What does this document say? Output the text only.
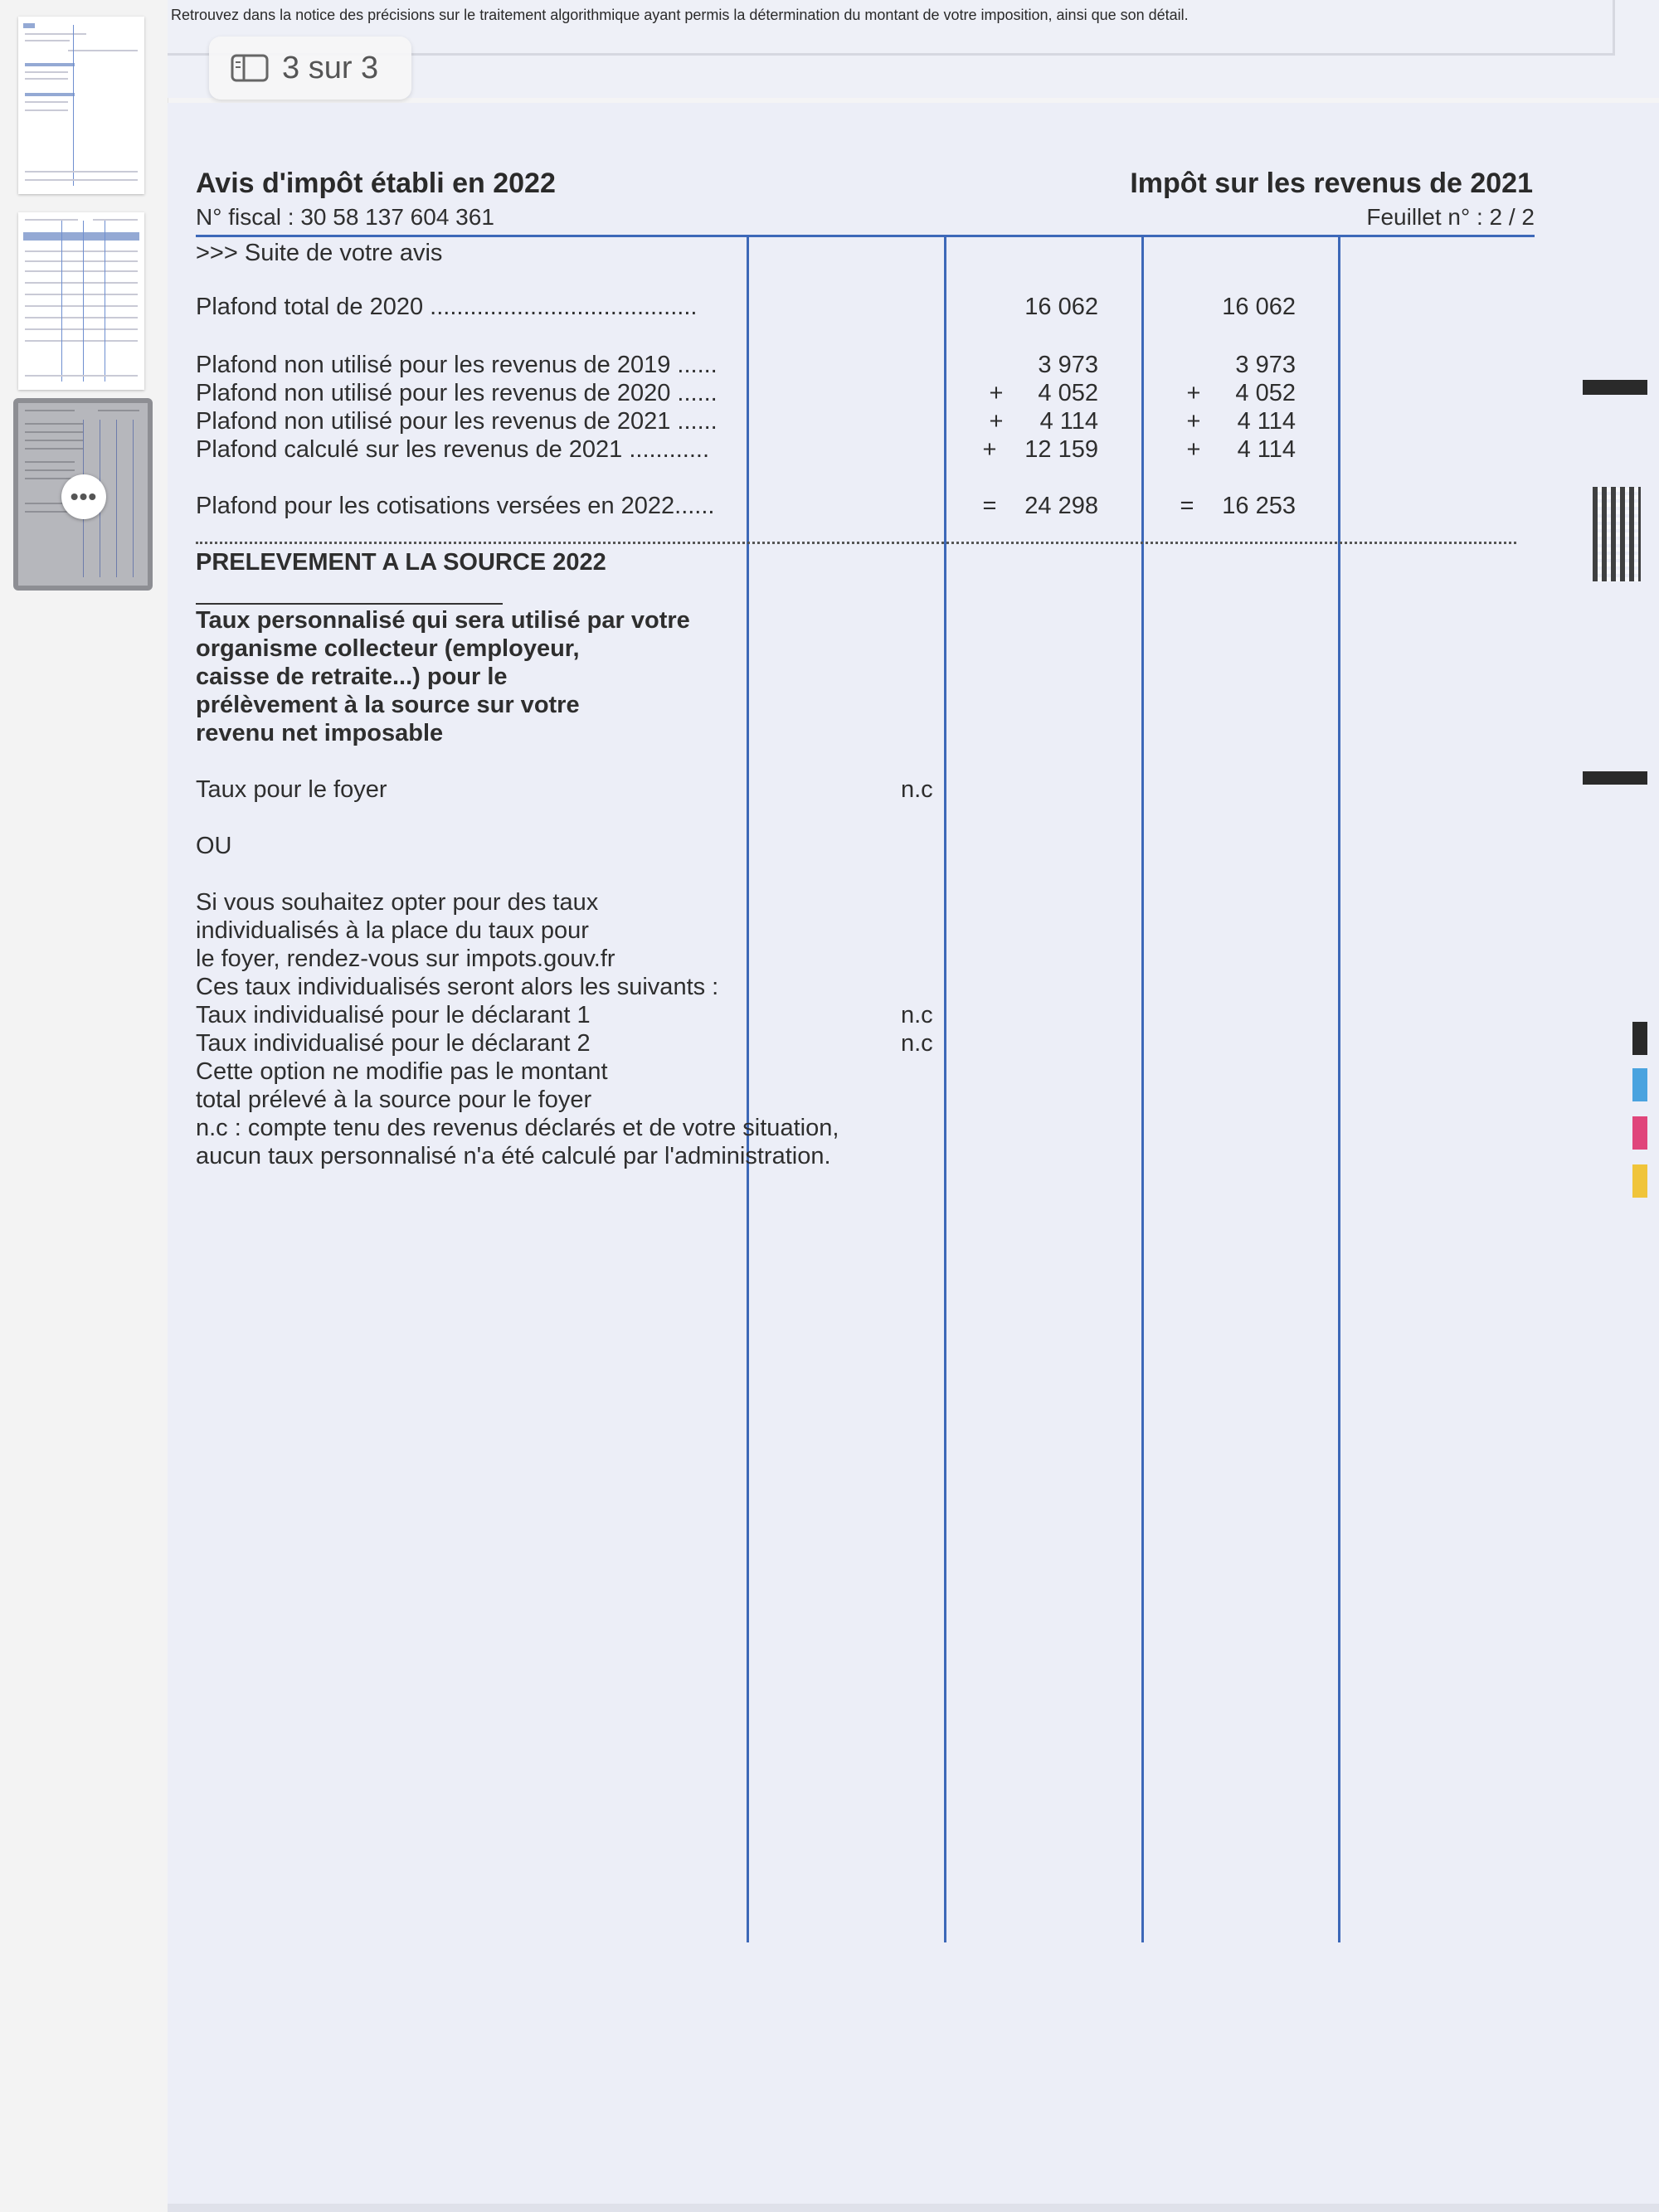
•••
Retrouvez dans la notice des précisions sur le traitement algorithmique ayant permis la détermination du montant de votre imposition, ainsi que son détail.
3 sur 3
Avis d'impôt établi en 2022	Impôt sur les revenus de 2021
N° fiscal : 30 58 137 604 361	Feuillet n° : 2 / 2
>>> Suite de votre avis
Plafond total de 2020 ........................................	16 062	16 062
Plafond non utilisé pour les revenus de 2019 ......	3 973	3 973
Plafond non utilisé pour les revenus de 2020 ......	+	4 052	+	4 052
Plafond non utilisé pour les revenus de 2021 ......	+	4 114	+	4 114
Plafond calculé sur les revenus de 2021 ............	+	12 159	+	4 114
Plafond pour les cotisations versées en 2022......	=	24 298	=	16 253
PRELEVEMENT A LA SOURCE 2022
Taux personnalisé qui sera utilisé par votre
organisme collecteur (employeur,
caisse de retraite...) pour le
prélèvement à la source sur votre
revenu net imposable
Taux pour le foyer	n.c
OU
Si vous souhaitez opter pour des taux
individualisés à la place du taux pour
le foyer, rendez-vous sur impots.gouv.fr
Ces taux individualisés seront alors les suivants :
Taux individualisé pour le déclarant 1	n.c
Taux individualisé pour le déclarant 2	n.c
Cette option ne modifie pas le montant
total prélevé à la source pour le foyer
n.c : compte tenu des revenus déclarés et de votre situation,
aucun taux personnalisé n'a été calculé par l'administration.
